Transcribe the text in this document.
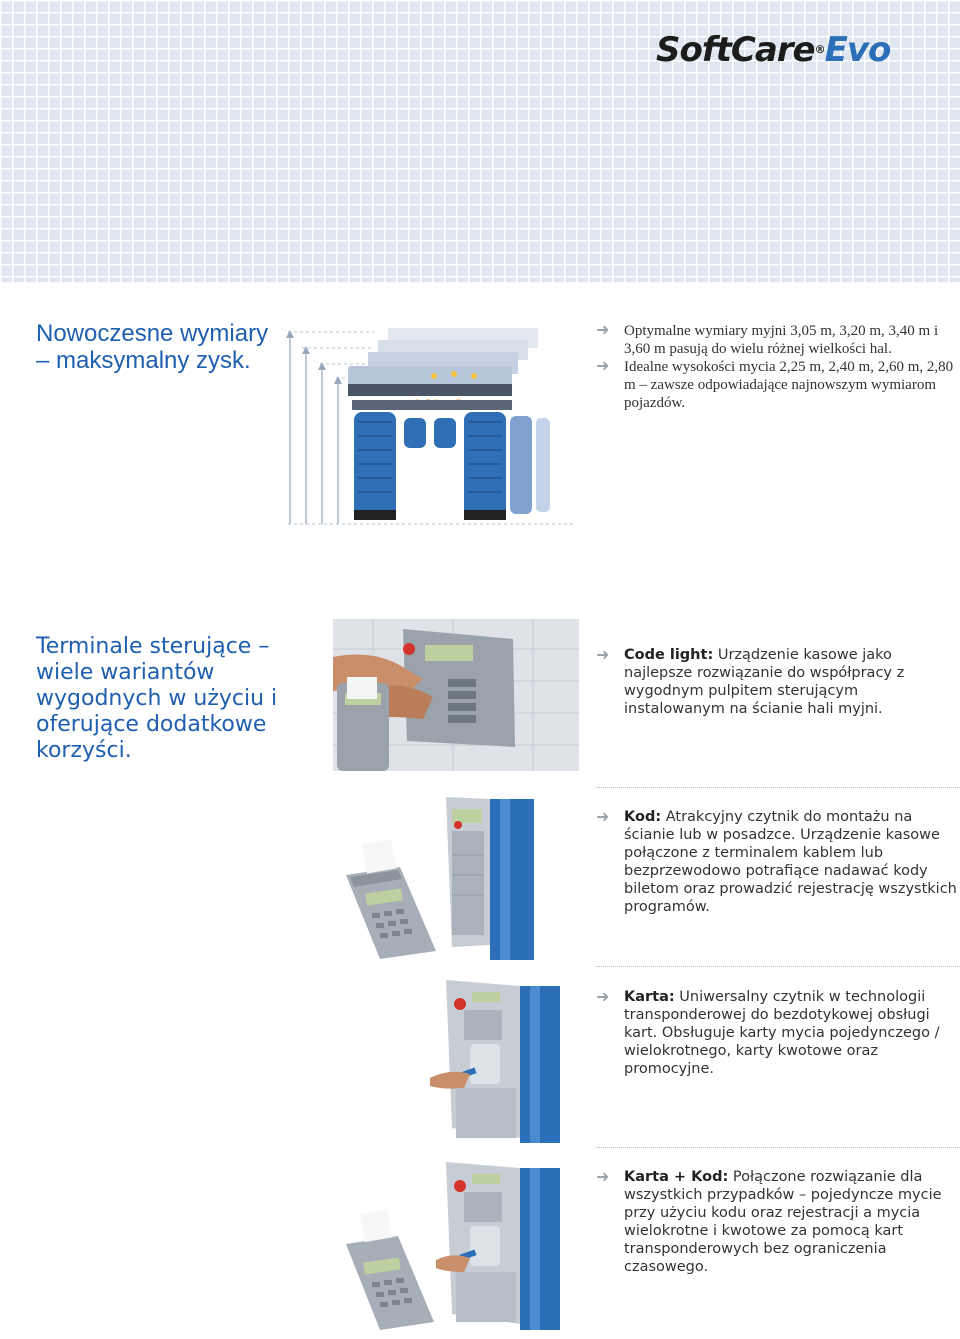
SoftCare®Evo
Nowoczesne wymiary – maksymalny zysk.
➜ Optymalne wymiary myjni 3,05 m, 3,20 m, 3,40 m i 3,60 m pasują do wielu różnej wielkości hal.
➜ Idealne wysokości mycia 2,25 m, 2,40 m, 2,60 m, 2,80 m – zawsze odpowiadające najnowszym wymiarom pojazdów.
Terminale sterujące – wiele wariantów wygodnych w użyciu i oferujące dodatkowe korzyści.
➜	Code light: Urządzenie kasowe jako najlepsze rozwiązanie do współpracy z wygodnym pulpitem sterującym instalowanym na ścianie hali myjni.
➜	Kod: Atrakcyjny czytnik do montażu na ścianie lub w posadzce. Urządzenie kasowe połączone z terminalem kablem lub bezprzewodowo potrafiące nadawać kody biletom oraz prowadzić rejestrację wszystkich programów.
➜	Karta: Uniwersalny czytnik w technologii transponderowej do bezdotykowej obsługi kart. Obsługuje karty mycia pojedynczego / wielokrotnego, karty kwotowe oraz promocyjne.
➜	Karta + Kod: Połączone rozwiązanie dla wszystkich przypadków – pojedyncze mycie przy użyciu kodu oraz rejestracji a mycia wielokrotne i kwotowe za pomocą kart transponderowych bez ograniczenia czasowego.
